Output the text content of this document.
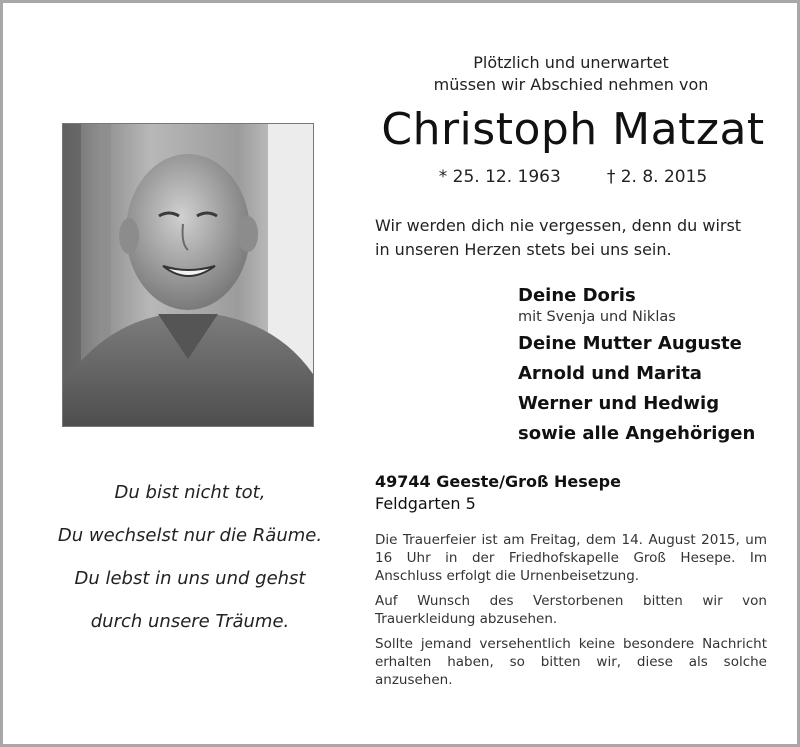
Plötzlich und unerwartet
müssen wir Abschied nehmen von
Christoph Matzat
* 25. 12. 1963	† 2. 8. 2015
Wir werden dich nie vergessen, denn du wirst
in unseren Herzen stets bei uns sein.
Deine Doris
mit Svenja und Niklas
Deine Mutter Auguste
Arnold und Marita
Werner und Hedwig
sowie alle Angehörigen
Du bist nicht tot,
Du wechselst nur die Räume.
Du lebst in uns und gehst
durch unsere Träume.
49744 Geeste/Groß Hesepe
Feldgarten 5

Die Trauerfeier ist am Freitag, dem 14. August 2015, um 16 Uhr in der Friedhofskapelle Groß Hesepe. Im Anschluss erfolgt die Urnenbeisetzung.

Auf Wunsch des Verstorbenen bitten wir von Trauerkleidung abzusehen.

Sollte jemand versehentlich keine besondere Nachricht erhalten haben, so bitten wir, diese als solche anzusehen.
